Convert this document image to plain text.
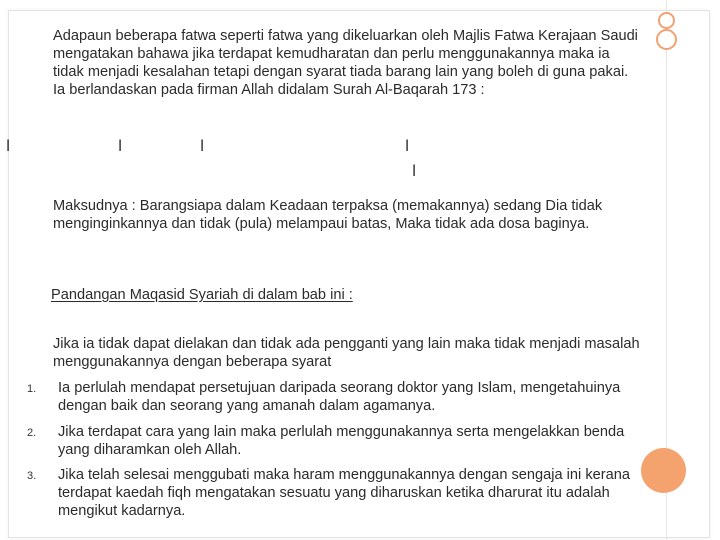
Adapaun beberapa fatwa seperti fatwa yang dikeluarkan oleh Majlis Fatwa Kerajaan Saudi mengatakan bahawa jika terdapat kemudharatan dan perlu menggunakannya maka ia tidak menjadi kesalahan tetapi dengan syarat tiada barang lain yang boleh di guna pakai. Ia berlandaskan pada firman Allah didalam Surah Al-Baqarah 173 :

ا	ا	ا	ا
ا

Maksudnya : Barangsiapa dalam Keadaan terpaksa (memakannya) sedang Dia tidak menginginkannya dan tidak (pula) melampaui batas, Maka tidak ada dosa baginya.

Pandangan Maqasid Syariah di dalam bab ini :

Jika ia tidak dapat dielakan dan tidak ada pengganti yang lain maka tidak menjadi masalah menggunakannya dengan beberapa syarat

1. Ia perlulah mendapat persetujuan daripada seorang doktor yang Islam, mengetahuinya dengan baik dan seorang yang amanah dalam agamanya.

2. Jika terdapat cara yang lain maka perlulah menggunakannya serta mengelakkan benda yang diharamkan oleh Allah.

3. Jika telah selesai menggubati maka haram menggunakannya dengan sengaja ini kerana terdapat kaedah fiqh mengatakan sesuatu yang diharuskan ketika dharurat itu adalah mengikut kadarnya.
